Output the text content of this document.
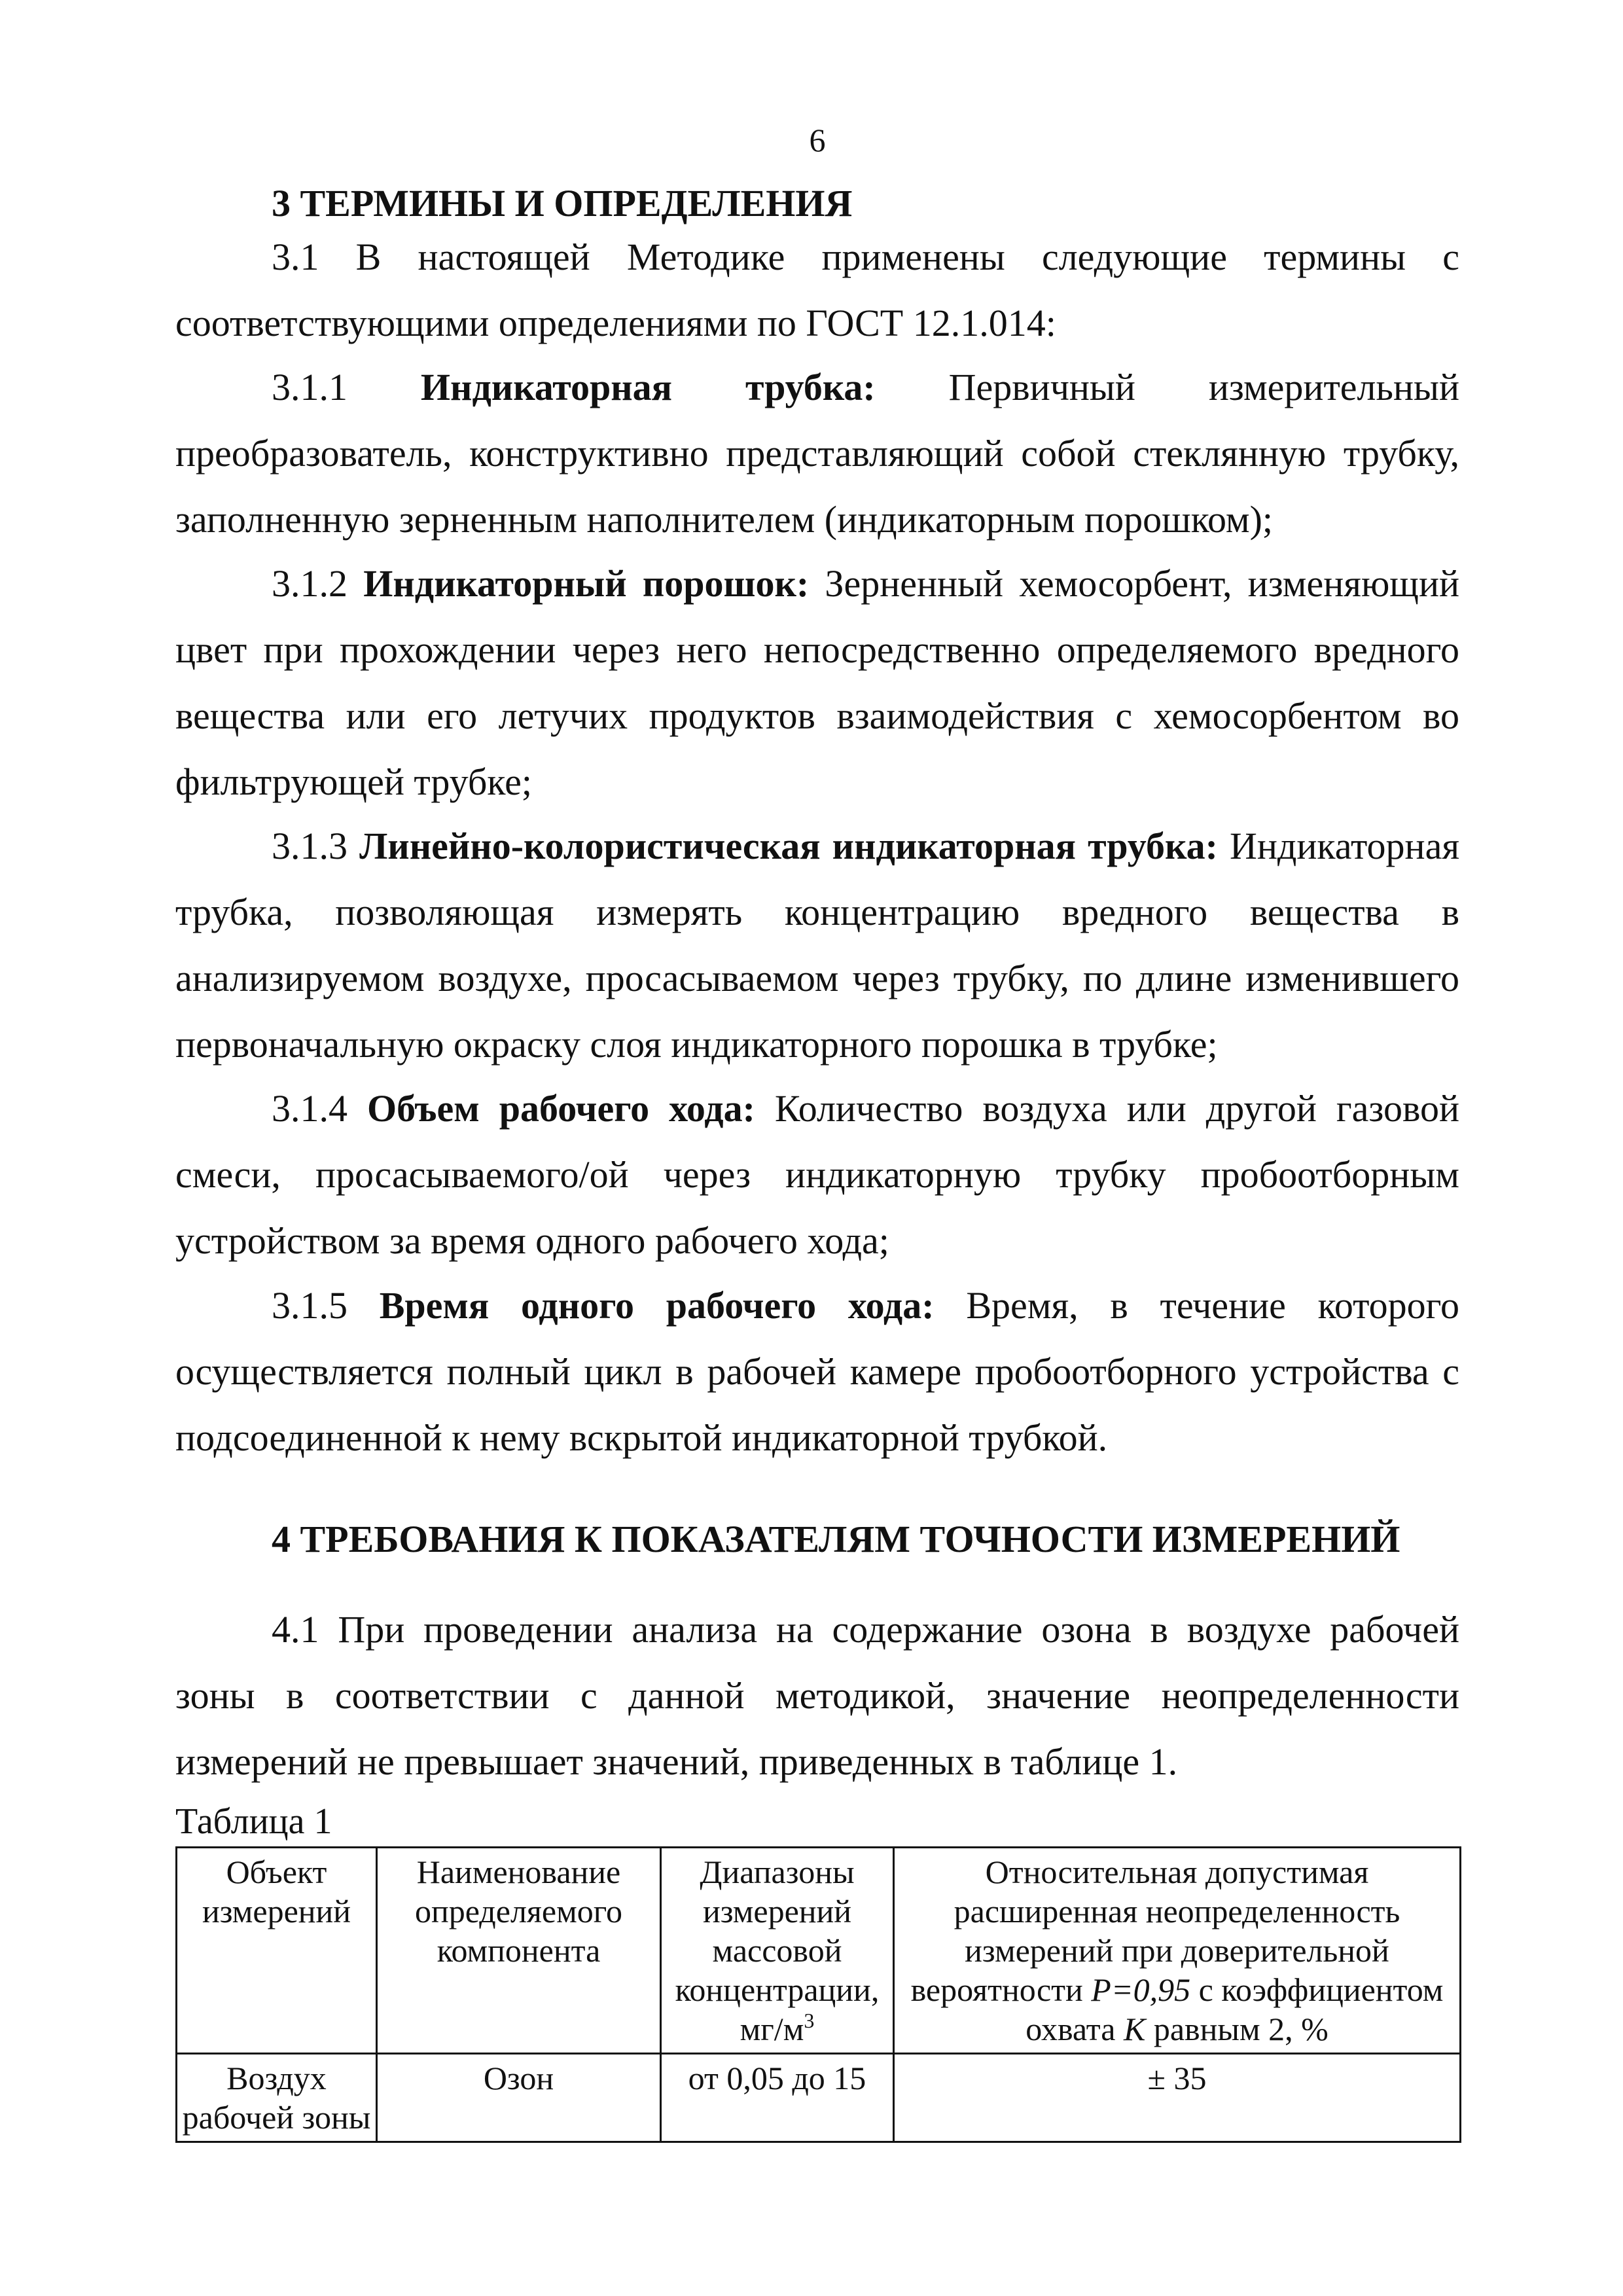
6
3 ТЕРМИНЫ И ОПРЕДЕЛЕНИЯ

3.1 В настоящей Методике применены следующие термины с соответствующими определениями по ГОСТ 12.1.014:

3.1.1 Индикаторная трубка: Первичный измерительный преобразователь, конструктивно представляющий собой стеклянную трубку, заполненную зерненным наполнителем (индикаторным порошком);

3.1.2 Индикаторный порошок: Зерненный хемосорбент, изменяющий цвет при прохождении через него непосредственно определяемого вредного вещества или его летучих продуктов взаимодействия с хемосорбентом во фильтрующей трубке;

3.1.3 Линейно-колористическая индикаторная трубка: Индикаторная трубка, позволяющая измерять концентрацию вредного вещества в анализируемом воздухе, просасываемом через трубку, по длине изменившего первоначальную окраску слоя индикаторного порошка в трубке;

3.1.4 Объем рабочего хода: Количество воздуха или другой газовой смеси, просасываемого/ой через индикаторную трубку пробоотборным устройством за время одного рабочего хода;

3.1.5 Время одного рабочего хода: Время, в течение которого осуществляется полный цикл в рабочей камере пробоотборного устройства с подсоединенной к нему вскрытой индикаторной трубкой.

4 ТРЕБОВАНИЯ К ПОКАЗАТЕЛЯМ ТОЧНОСТИ ИЗМЕРЕНИЙ

4.1 При проведении анализа на содержание озона в воздухе рабочей зоны в соответствии с данной методикой, значение неопределенности измерений не превышает значений, приведенных в таблице 1.

Таблица 1
Объект измерений	Наименование определяемого компонента	Диапазоны измерений массовой концентрации, $мг/м^3$	Относительная допустимая расширенная неопределенность измерений при доверительной вероятности P=0,95 с коэффициентом охвата K равным 2, %
Воздух рабочей зоны	Озон	от 0,05 до 15	± 35
